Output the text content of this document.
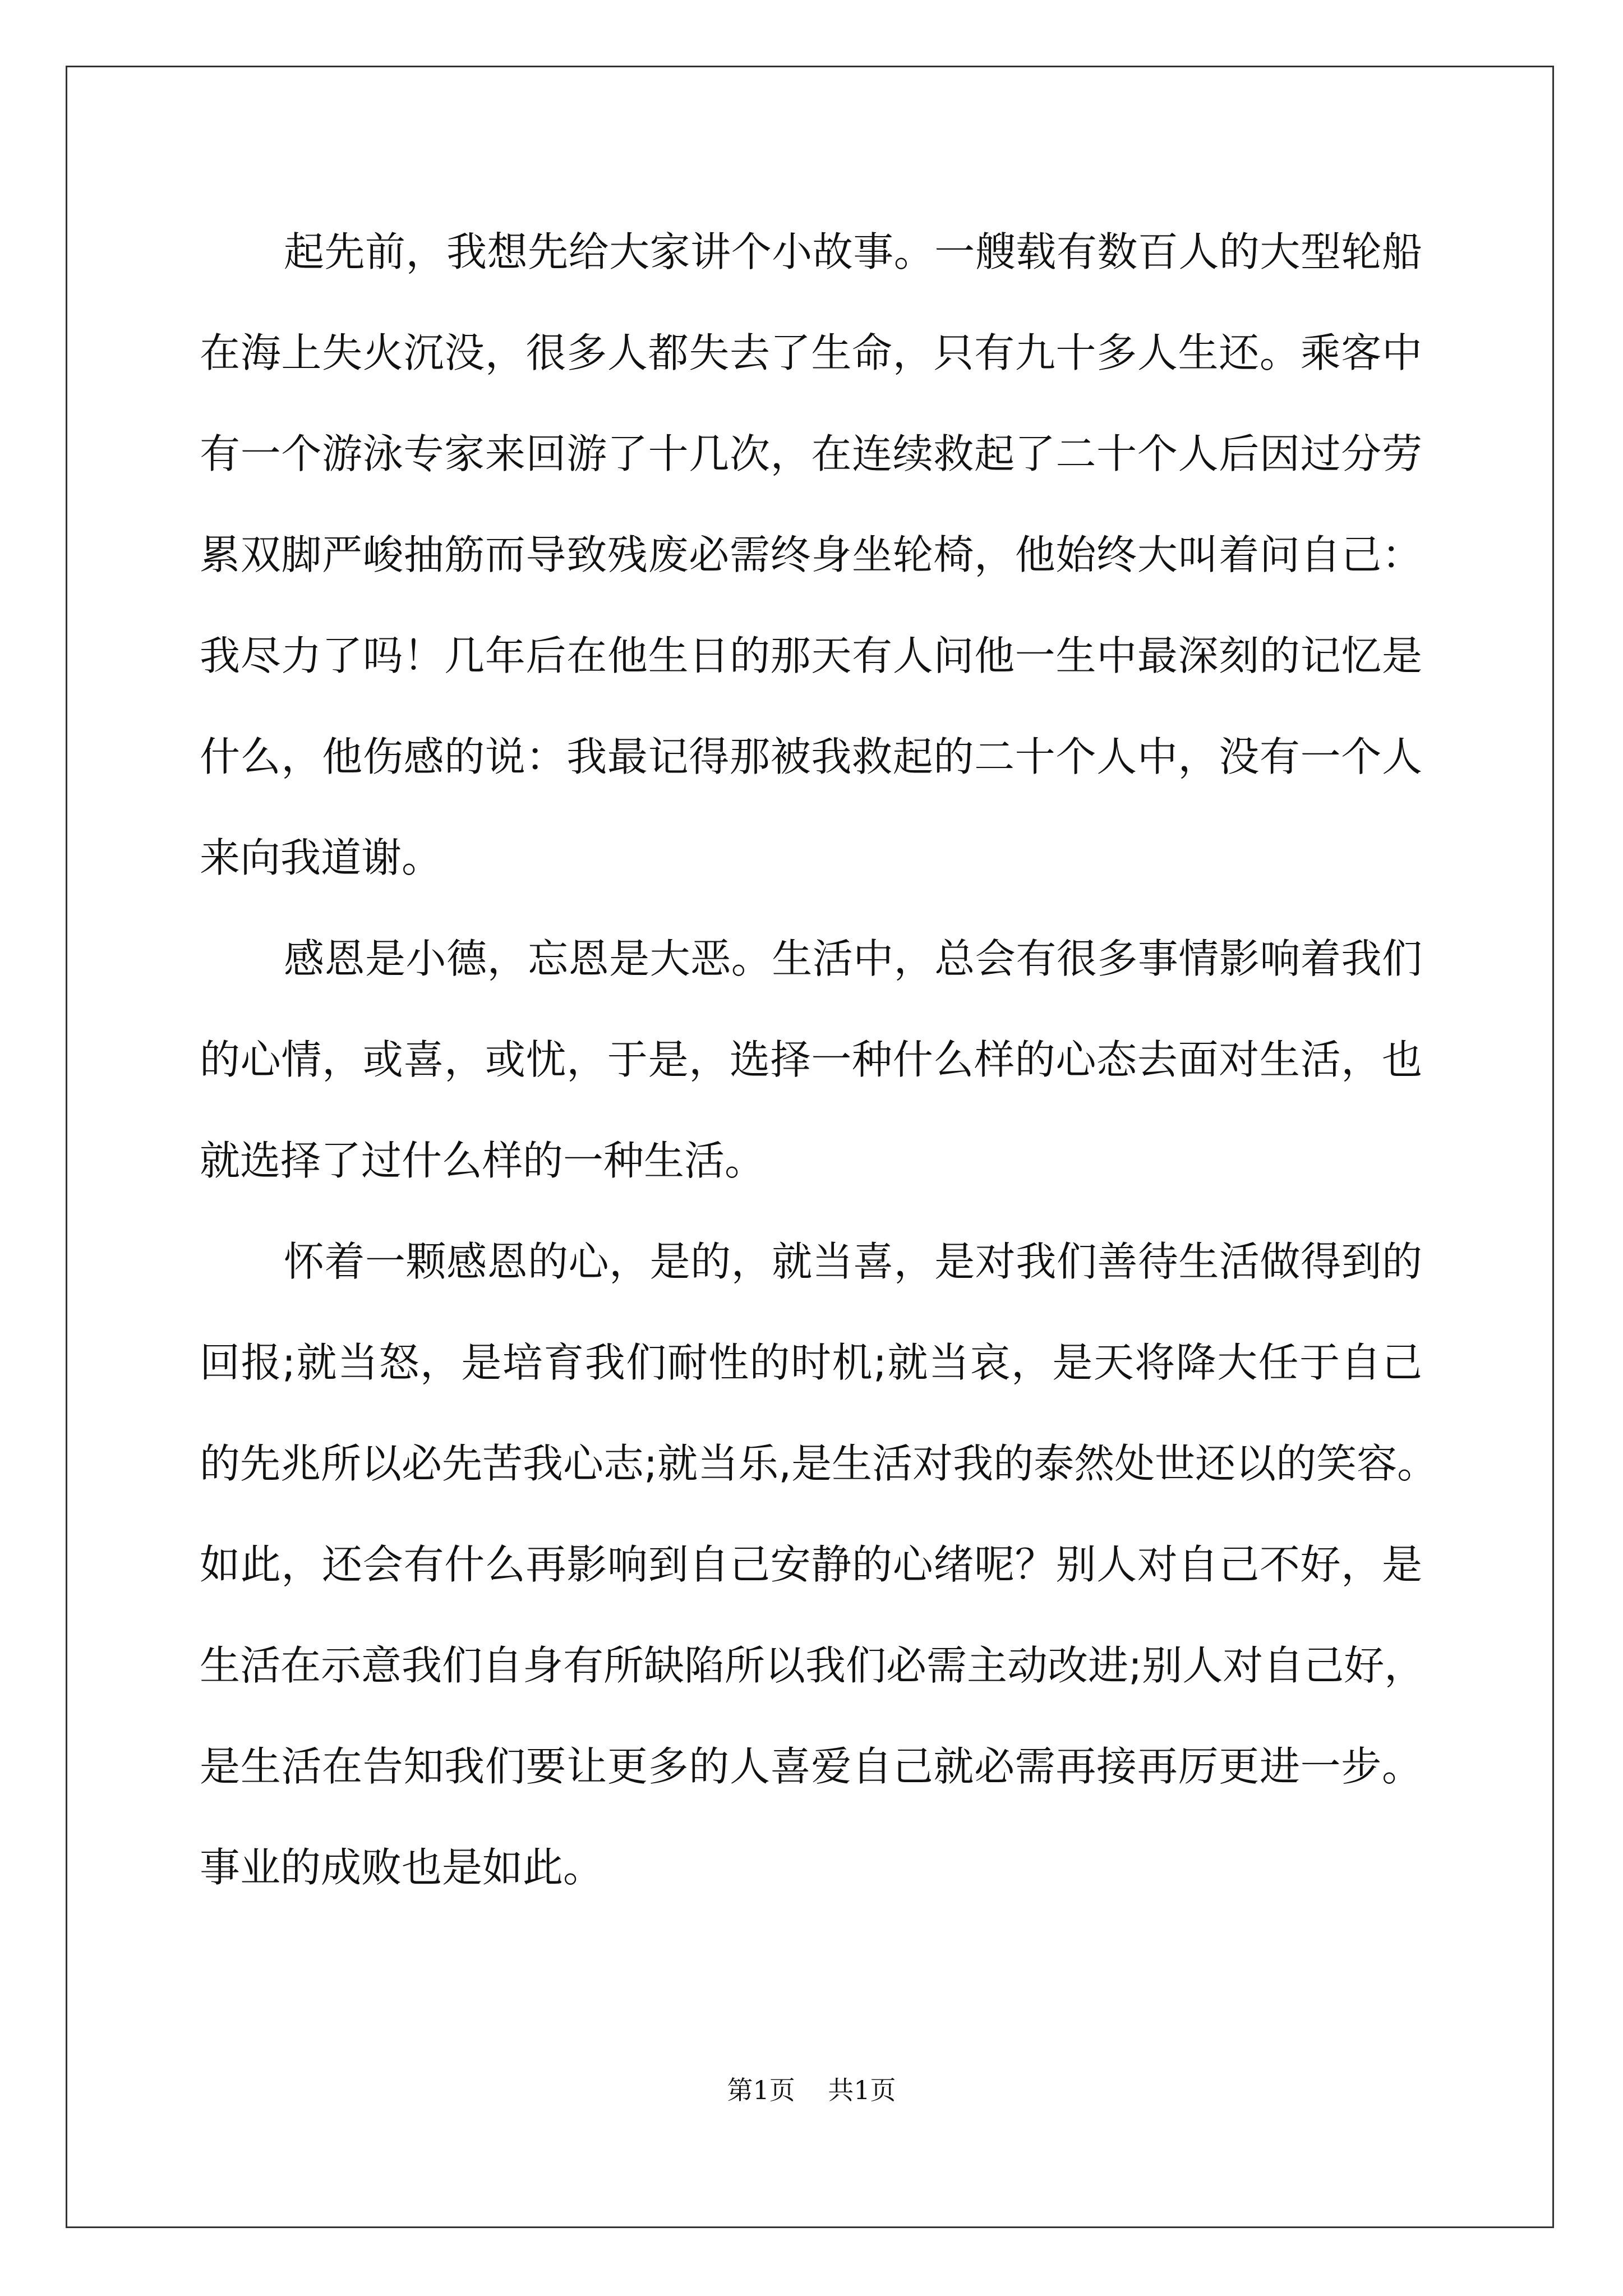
起先前，我想先给大家讲个小故事。一艘载有数百人的大型轮船
在海上失火沉没，很多人都失去了生命，只有九十多人生还。乘客中
有一个游泳专家来回游了十几次，在连续救起了二十个人后因过分劳
累双脚严峻抽筋而导致残废必需终身坐轮椅，他始终大叫着问自己：
我尽力了吗！几年后在他生日的那天有人问他一生中最深刻的记忆是
什么，他伤感的说：我最记得那被我救起的二十个人中，没有一个人
来向我道谢。
感恩是小德，忘恩是大恶。生活中，总会有很多事情影响着我们
的心情，或喜，或忧，于是，选择一种什么样的心态去面对生活，也
就选择了过什么样的一种生活。
怀着一颗感恩的心，是的，就当喜，是对我们善待生活做得到的
回报;就当怒，是培育我们耐性的时机;就当哀，是天将降大任于自己
的先兆所以必先苦我心志;就当乐,是生活对我的泰然处世还以的笑容。
如此，还会有什么再影响到自己安静的心绪呢？别人对自己不好，是
生活在示意我们自身有所缺陷所以我们必需主动改进;别人对自己好，
是生活在告知我们要让更多的人喜爱自己就必需再接再厉更进一步。
事业的成败也是如此。
第1页 共1页
